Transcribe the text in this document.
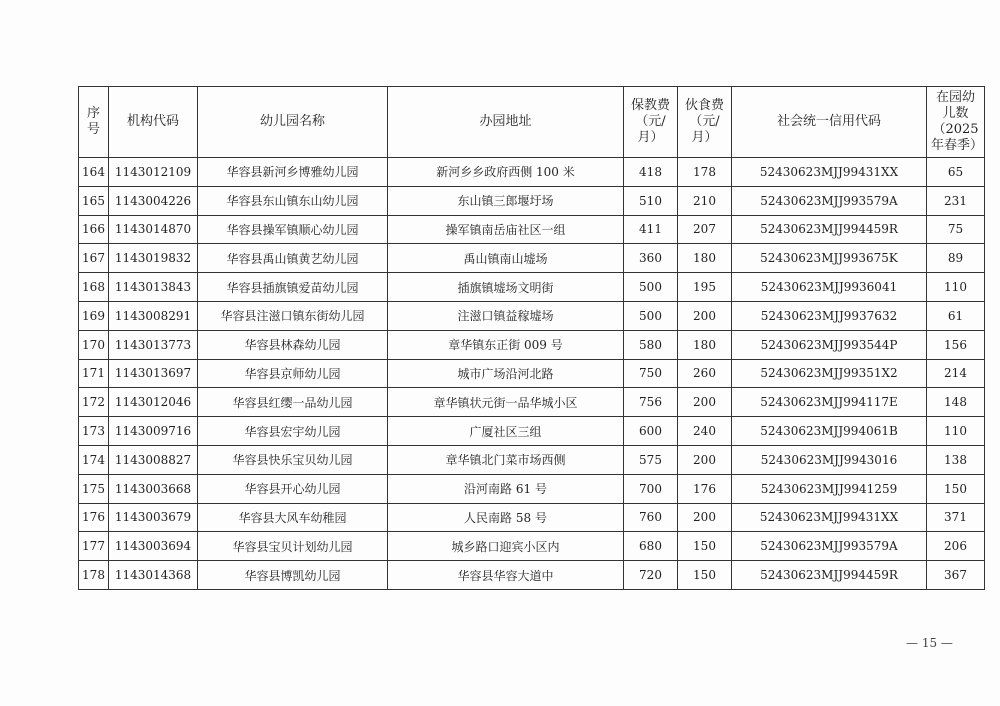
序号	机构代码	幼儿园名称	办园地址	保教费（元/月）	伙食费（元/月）	社会统一信用代码	在园幼儿数（2025年春季）
164	1143012109	华容县新河乡博雅幼儿园	新河乡乡政府西侧 100 米	418	178	52430623MJJ99431XX	65
165	1143004226	华容县东山镇东山幼儿园	东山镇三郎堰圩场	510	210	52430623MJJ993579A	231
166	1143014870	华容县操军镇顺心幼儿园	操军镇南岳庙社区一组	411	207	52430623MJJ994459R	75
167	1143019832	华容县禹山镇黄艺幼儿园	禹山镇南山墟场	360	180	52430623MJJ993675K	89
168	1143013843	华容县插旗镇爱苗幼儿园	插旗镇墟场文明街	500	195	52430623MJJ9936041	110
169	1143008291	华容县注滋口镇东街幼儿园	注滋口镇益稼墟场	500	200	52430623MJJ9937632	61
170	1143013773	华容县林森幼儿园	章华镇东正街 009 号	580	180	52430623MJJ993544P	156
171	1143013697	华容县京师幼儿园	城市广场沿河北路	750	260	52430623MJJ99351X2	214
172	1143012046	华容县红缨一品幼儿园	章华镇状元街一品华城小区	756	200	52430623MJJ994117E	148
173	1143009716	华容县宏宇幼儿园	广厦社区三组	600	240	52430623MJJ994061B	110
174	1143008827	华容县快乐宝贝幼儿园	章华镇北门菜市场西侧	575	200	52430623MJJ9943016	138
175	1143003668	华容县开心幼儿园	沿河南路 61 号	700	176	52430623MJJ9941259	150
176	1143003679	华容县大风车幼稚园	人民南路 58 号	760	200	52430623MJJ99431XX	371
177	1143003694	华容县宝贝计划幼儿园	城乡路口迎宾小区内	680	150	52430623MJJ993579A	206
178	1143014368	华容县博凯幼儿园	华容县华容大道中	720	150	52430623MJJ994459R	367
— 15 —
